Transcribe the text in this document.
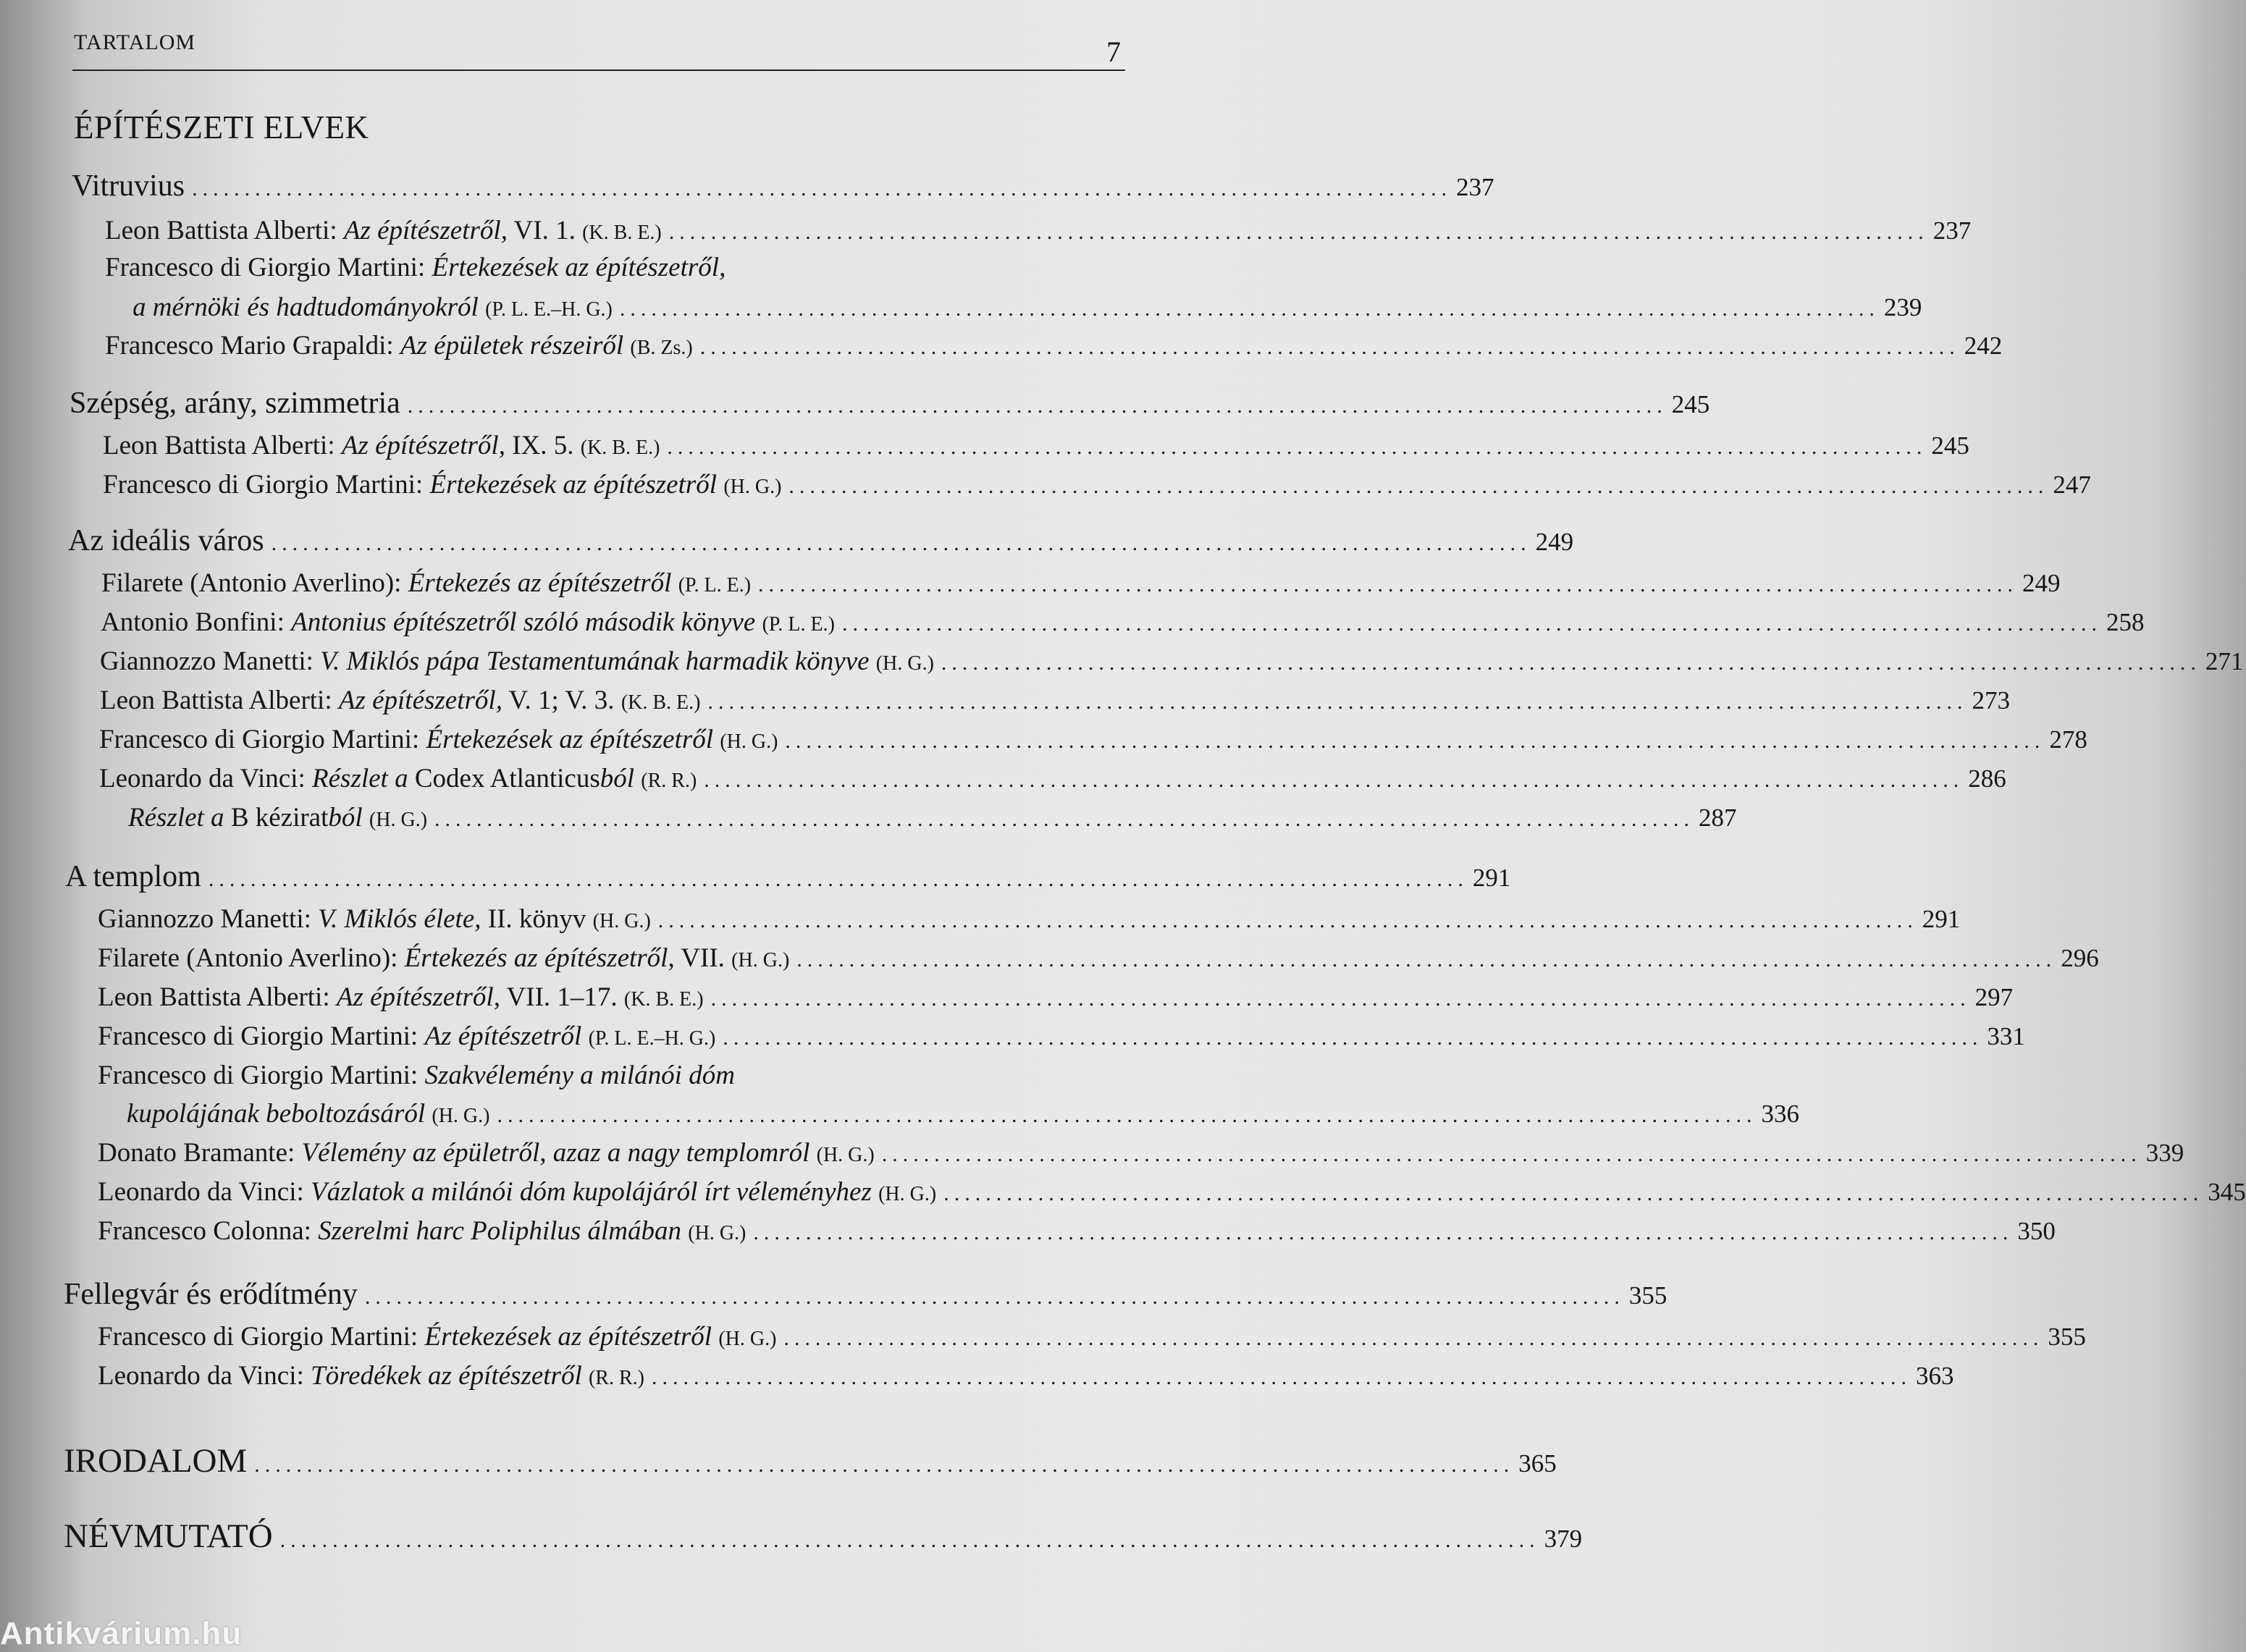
TARTALOM	7
ÉPÍTÉSZETI ELVEK
Vitruvius ........................................................................................................................ 237
Leon Battista Alberti: Az építészetről, VI. 1. (K. B. E.) ........................................................................................................................ 237
Francesco di Giorgio Martini: Értekezések az építészetről,
a mérnöki és hadtudományokról (P. L. E.–H. G.) ........................................................................................................................ 239
Francesco Mario Grapaldi: Az épületek részeiről (B. Zs.) ........................................................................................................................ 242
Szépség, arány, szimmetria ........................................................................................................................ 245
Leon Battista Alberti: Az építészetről, IX. 5. (K. B. E.) ........................................................................................................................ 245
Francesco di Giorgio Martini: Értekezések az építészetről (H. G.) ........................................................................................................................ 247
Az ideális város ........................................................................................................................ 249
Filarete (Antonio Averlino): Értekezés az építészetről (P. L. E.) ........................................................................................................................ 249
Antonio Bonfini: Antonius építészetről szóló második könyve (P. L. E.) ........................................................................................................................ 258
Giannozzo Manetti: V. Miklós pápa Testamentumának harmadik könyve (H. G.) ........................................................................................................................ 271
Leon Battista Alberti: Az építészetről, V. 1; V. 3. (K. B. E.) ........................................................................................................................ 273
Francesco di Giorgio Martini: Értekezések az építészetről (H. G.) ........................................................................................................................ 278
Leonardo da Vinci: Részlet a Codex Atlanticusból (R. R.) ........................................................................................................................ 286
Részlet a B kéziratból (H. G.) ........................................................................................................................ 287
A templom ........................................................................................................................ 291
Giannozzo Manetti: V. Miklós élete, II. könyv (H. G.) ........................................................................................................................ 291
Filarete (Antonio Averlino): Értekezés az építészetről, VII. (H. G.) ........................................................................................................................ 296
Leon Battista Alberti: Az építészetről, VII. 1–17. (K. B. E.) ........................................................................................................................ 297
Francesco di Giorgio Martini: Az építészetről (P. L. E.–H. G.) ........................................................................................................................ 331
Francesco di Giorgio Martini: Szakvélemény a milánói dóm
kupolájának beboltozásáról (H. G.) ........................................................................................................................ 336
Donato Bramante: Vélemény az épületről, azaz a nagy templomról (H. G.) ........................................................................................................................ 339
Leonardo da Vinci: Vázlatok a milánói dóm kupolájáról írt véleményhez (H. G.) ........................................................................................................................ 345
Francesco Colonna: Szerelmi harc Poliphilus álmában (H. G.) ........................................................................................................................ 350
Fellegvár és erődítmény ........................................................................................................................ 355
Francesco di Giorgio Martini: Értekezések az építészetről (H. G.) ........................................................................................................................ 355
Leonardo da Vinci: Töredékek az építészetről (R. R.) ........................................................................................................................ 363
IRODALOM ........................................................................................................................ 365
NÉVMUTATÓ ........................................................................................................................ 379
Antikvárium.hu
